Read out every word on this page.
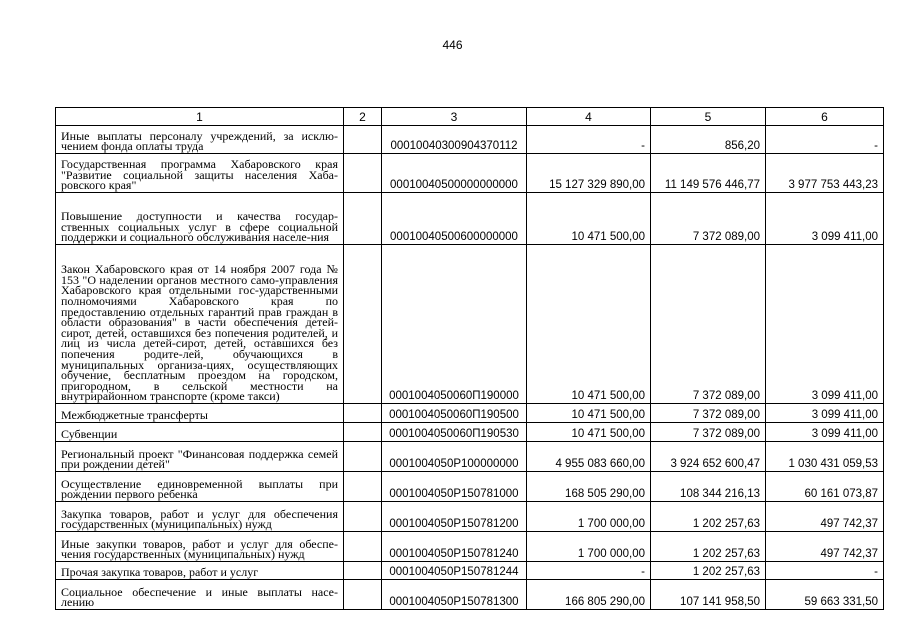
446
1	2	3	4	5	6
Иные выплаты персоналу учреждений, за исклю-чением фонда оплаты труда		00010040300904370112	-	856,20	-
Государственная программа Хабаровского края "Развитие социальной защиты населения Хаба-ровского края"		00010040500000000000	15 127 329 890,00	11 149 576 446,77	3 977 753 443,23
Повышение доступности и качества государ-ственных социальных услуг в сфере социальной поддержки и социального обслуживания населе-ния		00010040500600000000	10 471 500,00	7 372 089,00	3 099 411,00
Закон Хабаровского края от 14 ноября 2007 года № 153 "О наделении органов местного само-управления Хабаровского края отдельными гос-ударственными полномочиями Хабаровского края по предоставлению отдельных гарантий прав граждан в области образования" в части обеспечения детей-сирот, детей, оставшихся без попечения родителей, и лиц из числа детей-сирот, детей, оставшихся без попечения родите-лей, обучающихся в муниципальных организа-циях, осуществляющих обучение, бесплатным проездом на городском, пригородном, в сельской местности на внутрирайонном транспорте (кроме такси)		0001004050060П190000	10 471 500,00	7 372 089,00	3 099 411,00
Межбюджетные трансферты		0001004050060П190500	10 471 500,00	7 372 089,00	3 099 411,00
Субвенции		0001004050060П190530	10 471 500,00	7 372 089,00	3 099 411,00
Региональный проект "Финансовая поддержка семей при рождении детей"		0001004050P100000000	4 955 083 660,00	3 924 652 600,47	1 030 431 059,53
Осуществление единовременной выплаты при рождении первого ребенка		0001004050P150781000	168 505 290,00	108 344 216,13	60 161 073,87
Закупка товаров, работ и услуг для обеспечения государственных (муниципальных) нужд		0001004050P150781200	1 700 000,00	1 202 257,63	497 742,37
Иные закупки товаров, работ и услуг для обеспе-чения государственных (муниципальных) нужд		0001004050P150781240	1 700 000,00	1 202 257,63	497 742,37
Прочая закупка товаров, работ и услуг		0001004050P150781244	-	1 202 257,63	-
Социальное обеспечение и иные выплаты насе-лению		0001004050P150781300	166 805 290,00	107 141 958,50	59 663 331,50
